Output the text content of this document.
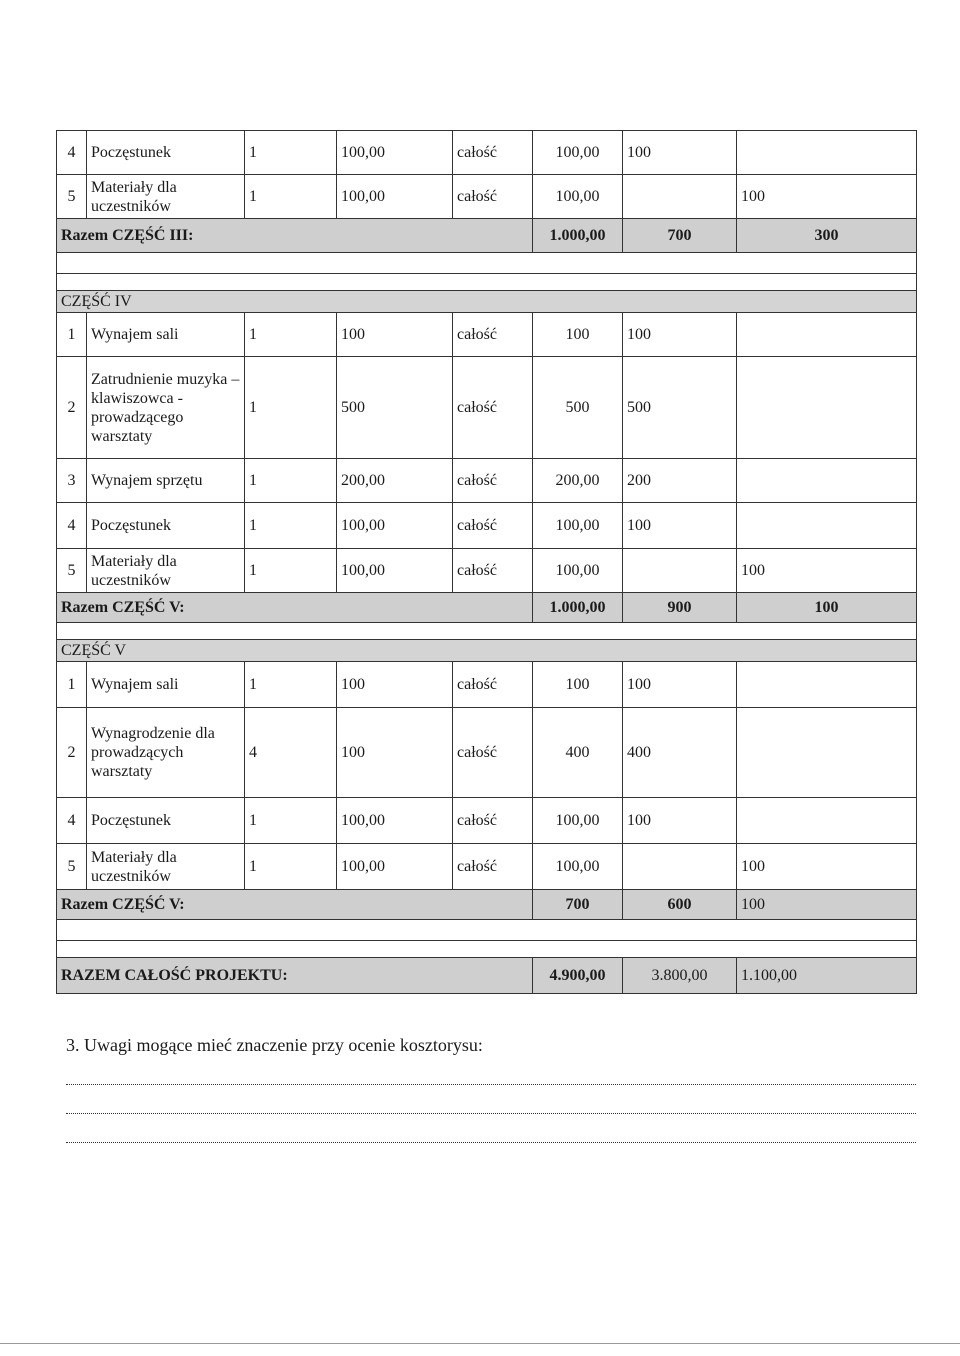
4	Poczęstunek	1	100,00	całość	100,00	100	
5	Materiały dla uczestników	1	100,00	całość	100,00		100
Razem CZĘŚĆ III:					1.000,00	700	300

CZĘŚĆ IV							
1	Wynajem sali	1	100	całość	100	100	
2	Zatrudnienie muzyka – klawiszowca -prowadzącego warsztaty	1	500	całość	500	500	
3	Wynajem sprzętu	1	200,00	całość	200,00	200	
4	Poczęstunek	1	100,00	całość	100,00	100	
5	Materiały dla uczestników	1	100,00	całość	100,00		100
Razem CZĘŚĆ V:					1.000,00	900	100

CZĘŚĆ V							
1	Wynajem sali	1	100	całość	100	100	
2	Wynagrodzenie dla prowadzących warsztaty	4	100	całość	400	400	
4	Poczęstunek	1	100,00	całość	100,00	100	
5	Materiały dla uczestników	1	100,00	całość	100,00		100
Razem CZĘŚĆ V:					700	600	100

RAZEM CAŁOŚĆ PROJEKTU:					4.900,00	3.800,00	1.100,00
3. Uwagi mogące mieć znaczenie przy ocenie kosztorysu:
